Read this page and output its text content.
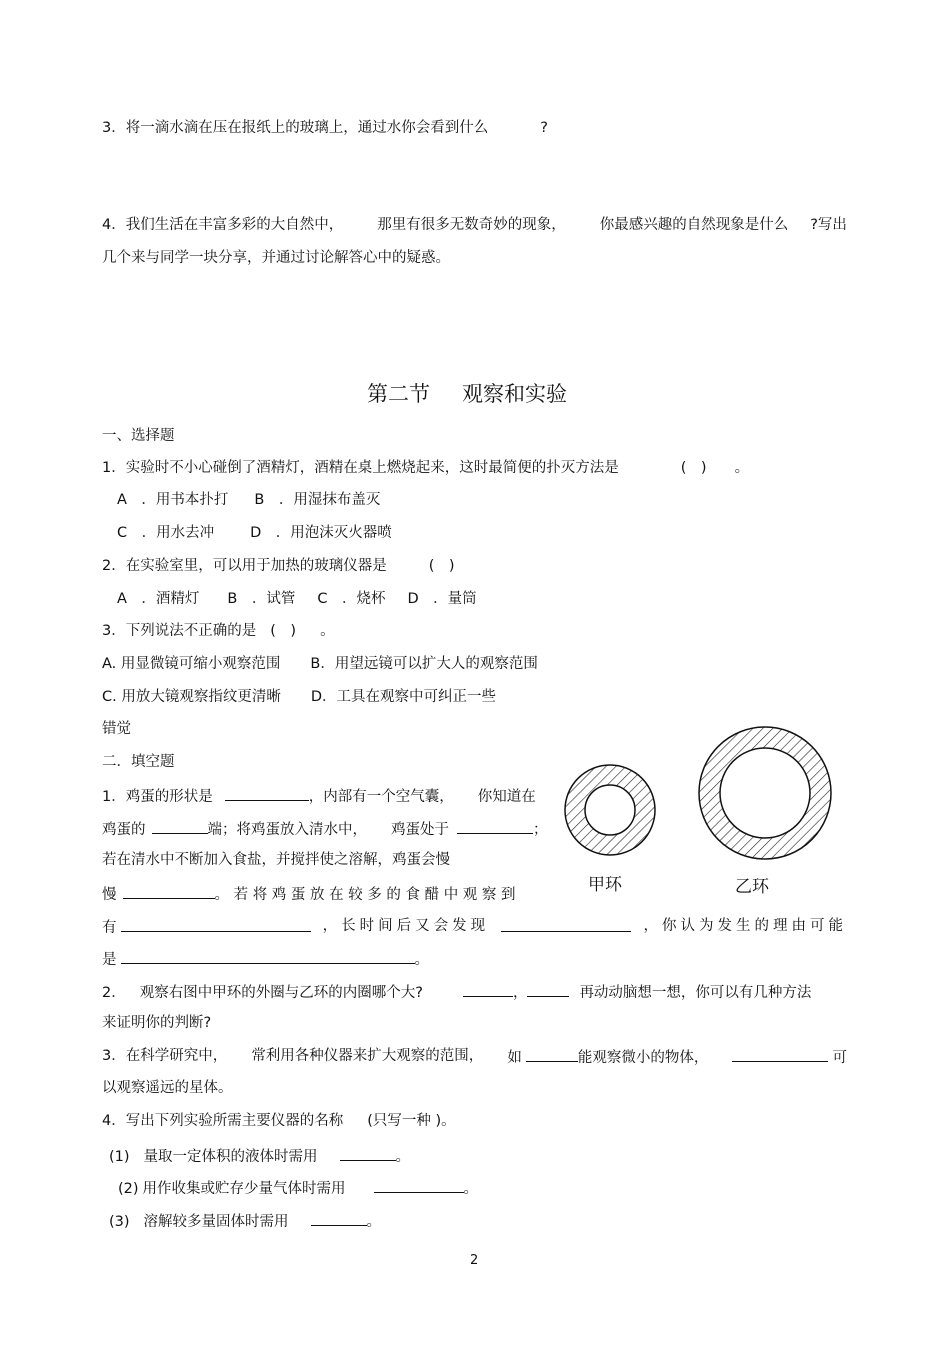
3．将一滴水滴在压在报纸上的玻璃上，通过水你会看到什么	?
4．我们生活在丰富多彩的大自然中， 那里有很多无数奇妙的现象， 你最感兴趣的自然现象是什么 ?写出
几个来与同学一块分享，并通过讨论解答心中的疑惑。
第二节 观察和实验
一、选择题
1．实验时不小心碰倒了酒精灯，酒精在桌上燃烧起来，这时最简便的扑灭方法是	(　) 。
A　．用书本扑打 B　．用湿抹布盖灭
C　．用水去冲 D　．用泡沫灭火器喷
2．在实验室里，可以用于加热的玻璃仪器是	(　)
A　．酒精灯 B　．试管 C　．烧杯 D　．量筒
3．下列说法不正确的是 (　) 。
A. 用显微镜可缩小观察范围 B．用望远镜可以扩大人的观察范围
C. 用放大镜观察指纹更清晰 D．工具在观察中可纠正一些
错觉
二．填空题
1．鸡蛋的形状是	，内部有一个空气囊， 你知道在
鸡蛋的	端；将鸡蛋放入清水中， 鸡蛋处于	；
若在清水中不断加入食盐，并搅拌使之溶解，鸡蛋会慢
慢	。若将鸡蛋放在较多的食醋中观察到
有	，长时间后又会发现	，你认为发生的理由可能
是	。
2． 观察右图中甲环的外圈与乙环的内圈哪个大?	，	再动动脑想一想，你可以有几种方法
来证明你的判断?
3．在科学研究中， 常利用各种仪器来扩大观察的范围， 如	能观察微小的物体，	可
以观察遥远的星体。
4．写出下列实验所需主要仪器的名称 (只写一种 )。
(1) 量取一定体积的液体时需用	。
(2) 用作收集或贮存少量气体时需用	。
(3) 溶解较多量固体时需用	。
甲环	乙环
2
